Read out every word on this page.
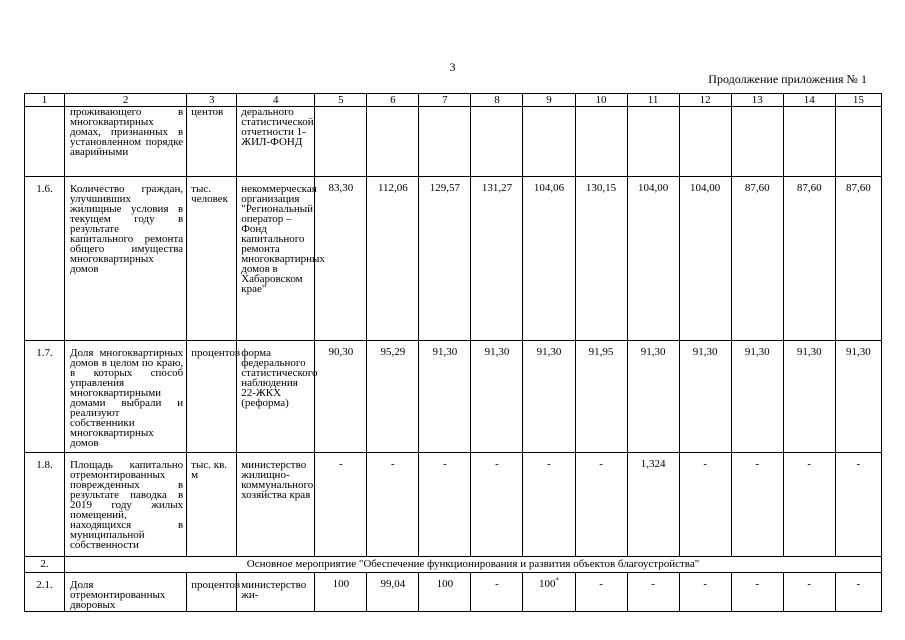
3
Продолжение приложения № 1
1	2	3	4	5	6	7	8	9	10	11	12	13	14	15
	проживающего в многоквартирных домах, признанных в установленном порядке аварийными	центов	дерального статистической отчетности 1-ЖИЛ-ФОНД											
1.6.	Количество граждан, улучшивших жилищные условия в текущем году в результате капитального ремонта общего имущества многоквартирных домов	тыс. человек	некоммерческая организация "Региональный оператор – Фонд капитального ремонта многоквартирных домов в Хабаровском крае"	83,30	112,06	129,57	131,27	104,06	130,15	104,00	104,00	87,60	87,60	87,60
1.7.	Доля многоквартирных домов в целом по краю, в которых способ управления многоквартирными домами выбрали и реализуют собственники многоквартирных домов	процентов	форма федерального статистического наблюдения 22-ЖКХ (реформа)	90,30	95,29	91,30	91,30	91,30	91,95	91,30	91,30	91,30	91,30	91,30
1.8.	Площадь капитально отремонтированных поврежденных в результате паводка в 2019 году жилых помещений, находящихся в муниципальной собственности	тыс. кв. м	министерство жилищно-коммунального хозяйства края	-	-	-	-	-	-	1,324	-	-	-	-
2.	Основное мероприятие "Обеспечение функционирования и развития объектов благоустройства"													
2.1.	Доля отремонтированных дворовых	процентов	министерство жи-	100	99,04	100	-	100*	-	-	-	-	-	-
